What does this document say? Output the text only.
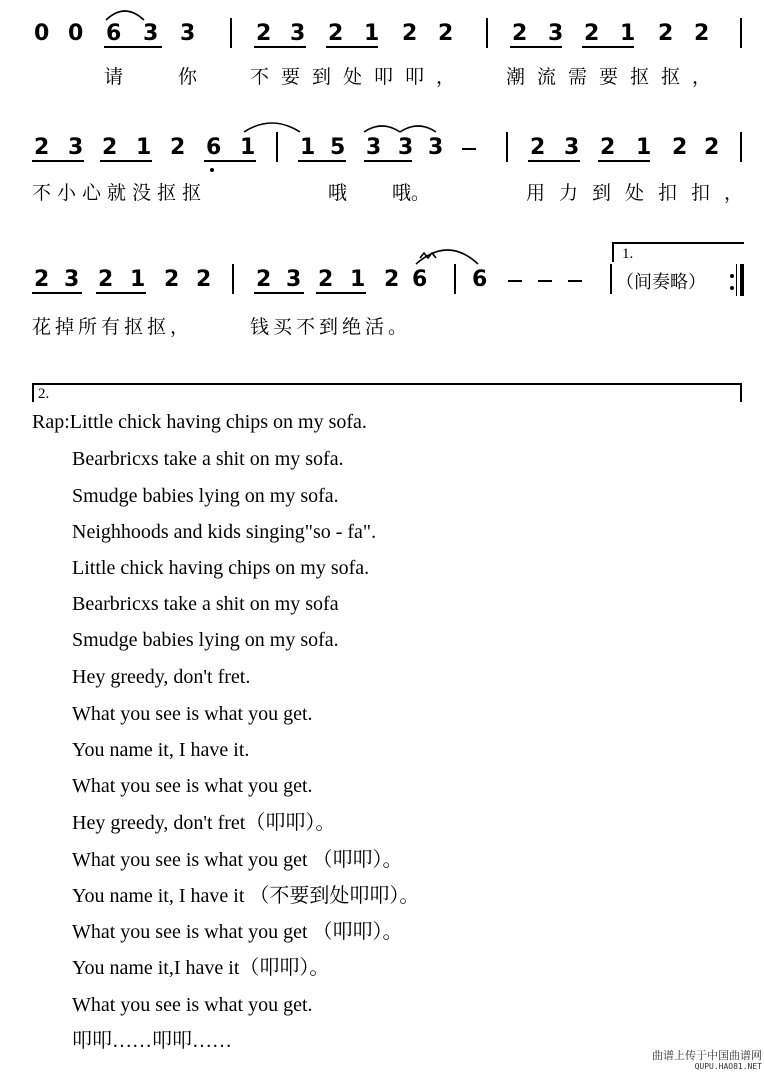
0 0 6 3 3	2 3 2 1 2 2	2 3 2 1 2 2
请	你	不要到处叩叩， 潮流需要抠抠，
2 3 2 1 2 6 1 1 5 3 3 3	2 3 2 1 2 2
不小心就没抠抠	哦 哦。	用力到处扣扣，
2 3 2 1 2 2 2 3 2 1 2 6 6
1.
（间奏略）
花掉所有抠抠，	钱买不到绝活。
2.
Rap:Little chick having chips on my sofa.
Bearbricxs take a shit on my sofa.
Smudge babies lying on my sofa.
Neighhoods and kids singing"so - fa".
Little chick having chips on my sofa.
Bearbricxs take a shit on my sofa
Smudge babies lying on my sofa.
Hey greedy, don't fret.
What you see is what you get.
You name it, I have it.
What you see is what you get.
Hey greedy, don't fret（叩叩）。
What you see is what you get （叩叩）。
You name it, I have it （不要到处叩叩）。
What you see is what you get （叩叩）。
You name it,I have it（叩叩）。
What you see is what you get.
叩叩……叩叩……
曲谱上传于中国曲谱网
QUPU.HAO81.NET
